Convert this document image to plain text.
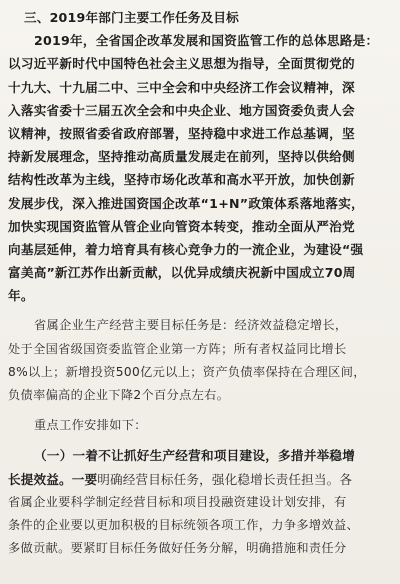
三、2019年部门主要工作任务及目标
2019年，全省国企改革发展和国资监管工作的总体思路是：
以习近平新时代中国特色社会主义思想为指导，全面贯彻党的
十九大、十九届二中、三中全会和中央经济工作会议精神，深
入落实省委十三届五次全会和中央企业、地方国资委负责人会
议精神，按照省委省政府部署，坚持稳中求进工作总基调，坚
持新发展理念，坚持推动高质量发展走在前列，坚持以供给侧
结构性改革为主线，坚持市场化改革和高水平开放，加快创新
发展步伐，深入推进国资国企改革“1+N”政策体系落地落实，
加快实现国资监管从管企业向管资本转变，推动全面从严治党
向基层延伸，着力培育具有核心竞争力的一流企业，为建设“强
富美高”新江苏作出新贡献，以优异成绩庆祝新中国成立70周
年。
省属企业生产经营主要目标任务是：经济效益稳定增长，
处于全国省级国资委监管企业第一方阵；所有者权益同比增长
8%以上；新增投资500亿元以上；资产负债率保持在合理区间，
负债率偏高的企业下降2个百分点左右。
重点工作安排如下：
（一）一着不让抓好生产经营和项目建设，多措并举稳增
长提效益。一要明确经营目标任务，强化稳增长责任担当。各
省属企业要科学制定经营目标和项目投融资建设计划安排，有
条件的企业要以更加积极的目标统领各项工作，力争多增效益、
多做贡献。要紧盯目标任务做好任务分解，明确措施和责任分
